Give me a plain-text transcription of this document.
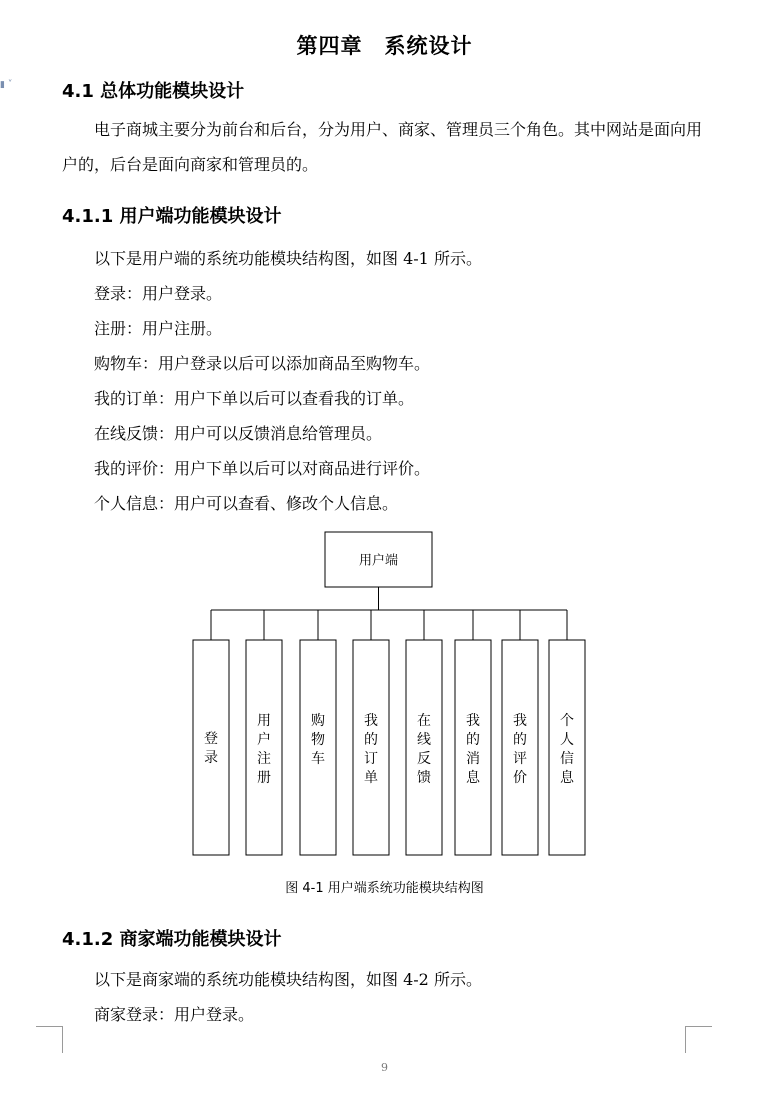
▮ ˅
第四章　系统设计
4.1 总体功能模块设计
电子商城主要分为前台和后台，分为用户、商家、管理员三个角色。其中网站是面向用户的，后台是面向商家和管理员的。
4.1.1 用户端功能模块设计
以下是用户端的系统功能模块结构图，如图 4-1 所示。
登录：用户登录。
注册：用户注册。
购物车：用户登录以后可以添加商品至购物车。
我的订单：用户下单以后可以查看我的订单。
在线反馈：用户可以反馈消息给管理员。
我的评价：用户下单以后可以对商品进行评价。
个人信息：用户可以查看、修改个人信息。
用户端
登录
用户注册
购物车
我的订单
在线反馈
我的消息
我的评价
个人信息
图 4-1 用户端系统功能模块结构图
4.1.2 商家端功能模块设计
以下是商家端的系统功能模块结构图，如图 4-2 所示。
商家登录：用户登录。
9
